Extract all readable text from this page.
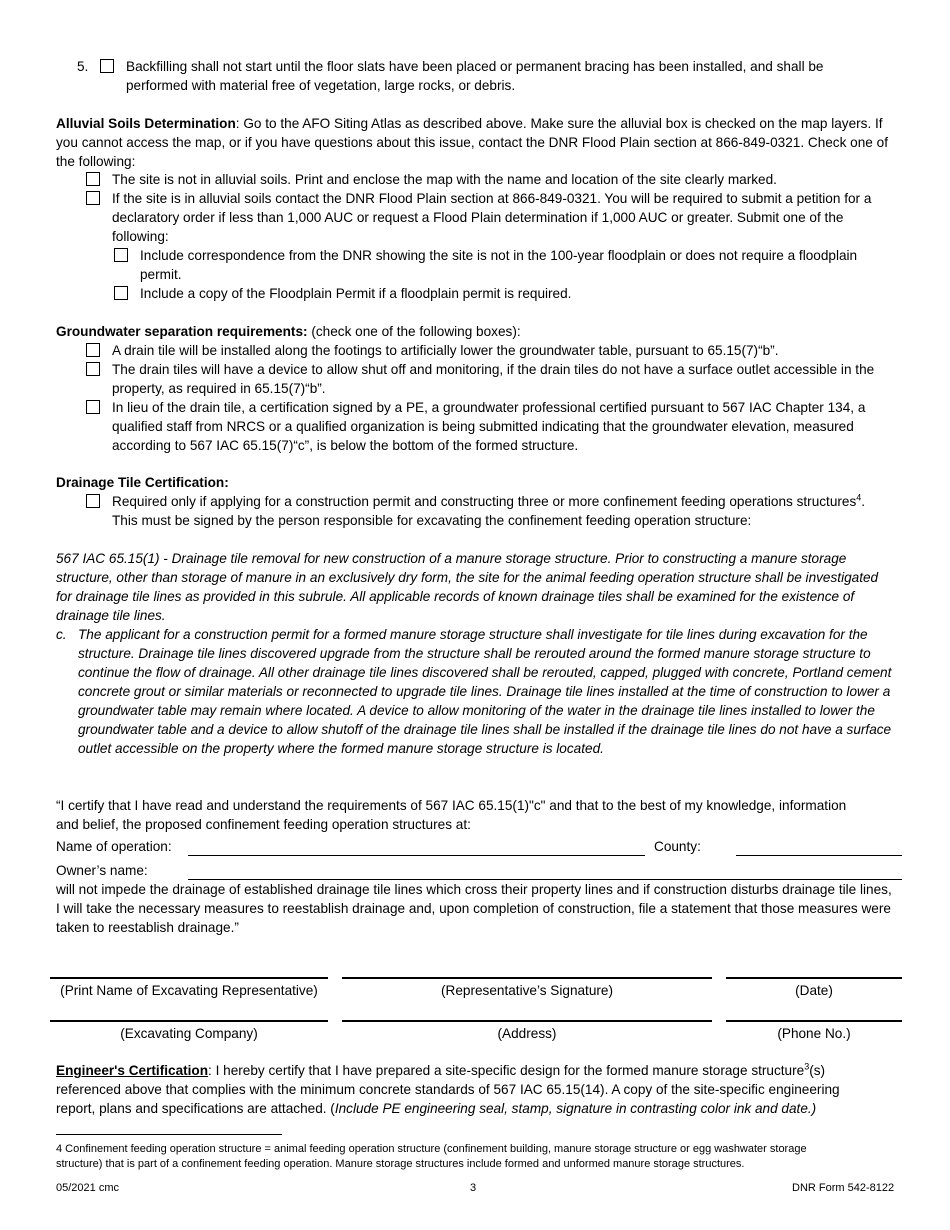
5.	Backfilling shall not start until the floor slats have been placed or permanent bracing has been installed, and shall be performed with material free of vegetation, large rocks, or debris.
Alluvial Soils Determination: Go to the AFO Siting Atlas as described above. Make sure the alluvial box is checked on the map layers. If you cannot access the map, or if you have questions about this issue, contact the DNR Flood Plain section at 866-849-0321. Check one of the following:
The site is not in alluvial soils. Print and enclose the map with the name and location of the site clearly marked.
If the site is in alluvial soils contact the DNR Flood Plain section at 866-849-0321. You will be required to submit a petition for a declaratory order if less than 1,000 AUC or request a Flood Plain determination if 1,000 AUC or greater. Submit one of the following:
Include correspondence from the DNR showing the site is not in the 100-year floodplain or does not require a floodplain permit.
Include a copy of the Floodplain Permit if a floodplain permit is required.
Groundwater separation requirements: (check one of the following boxes):
A drain tile will be installed along the footings to artificially lower the groundwater table, pursuant to 65.15(7)“b”.
The drain tiles will have a device to allow shut off and monitoring, if the drain tiles do not have a surface outlet accessible in the property, as required in 65.15(7)“b”.
In lieu of the drain tile, a certification signed by a PE, a groundwater professional certified pursuant to 567 IAC Chapter 134, a qualified staff from NRCS or a qualified organization is being submitted indicating that the groundwater elevation, measured according to 567 IAC 65.15(7)“c”, is below the bottom of the formed structure.
Drainage Tile Certification:
Required only if applying for a construction permit and constructing three or more confinement feeding operations structures$^4$. This must be signed by the person responsible for excavating the confinement feeding operation structure:
567 IAC 65.15(1) - Drainage tile removal for new construction of a manure storage structure. Prior to constructing a manure storage structure, other than storage of manure in an exclusively dry form, the site for the animal feeding operation structure shall be investigated for drainage tile lines as provided in this subrule. All applicable records of known drainage tiles shall be examined for the existence of drainage tile lines.
c. The applicant for a construction permit for a formed manure storage structure shall investigate for tile lines during excavation for the structure. Drainage tile lines discovered upgrade from the structure shall be rerouted around the formed manure storage structure to continue the flow of drainage. All other drainage tile lines discovered shall be rerouted, capped, plugged with concrete, Portland cement concrete grout or similar materials or reconnected to upgrade tile lines. Drainage tile lines installed at the time of construction to lower a groundwater table may remain where located. A device to allow monitoring of the water in the drainage tile lines installed to lower the groundwater table and a device to allow shutoff of the drainage tile lines shall be installed if the drainage tile lines do not have a surface outlet accessible on the property where the formed manure storage structure is located.
“I certify that I have read and understand the requirements of 567 IAC 65.15(1)"c" and that to the best of my knowledge, information and belief, the proposed confinement feeding operation structures at:
Name of operation:	County:
Owner’s name:
will not impede the drainage of established drainage tile lines which cross their property lines and if construction disturbs drainage tile lines, I will take the necessary measures to reestablish drainage and, upon completion of construction, file a statement that those measures were taken to reestablish drainage.”
(Print Name of Excavating Representative)	(Representative’s Signature)	(Date)
(Excavating Company)	(Address)	(Phone No.)
Engineer's Certification: I hereby certify that I have prepared a site-specific design for the formed manure storage structure$^3$(s) referenced above that complies with the minimum concrete standards of 567 IAC 65.15(14). A copy of the site-specific engineering report, plans and specifications are attached. (Include PE engineering seal, stamp, signature in contrasting color ink and date.)
4 Confinement feeding operation structure = animal feeding operation structure (confinement building, manure storage structure or egg washwater storage structure) that is part of a confinement feeding operation. Manure storage structures include formed and unformed manure storage structures.
05/2021 cmc	3	DNR Form 542-8122
